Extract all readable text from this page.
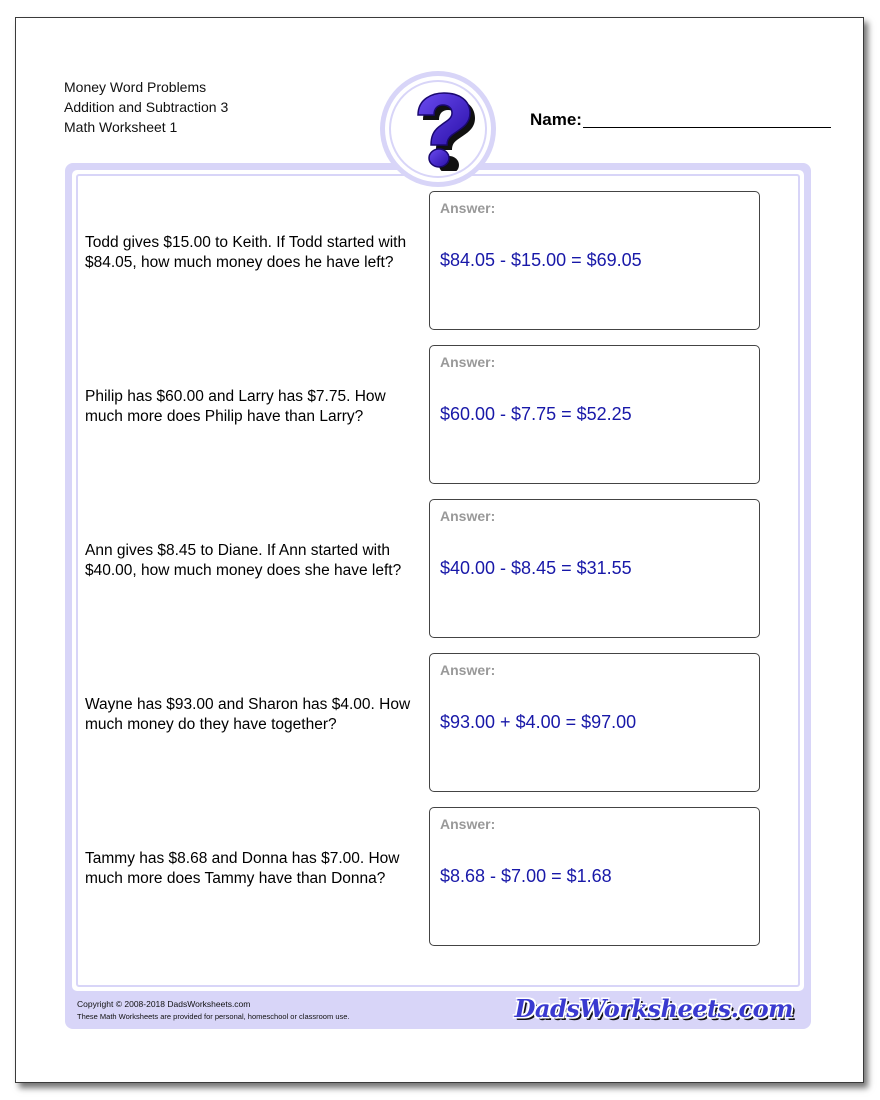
Money Word Problems
Addition and Subtraction 3
Math Worksheet 1	Name:
Todd gives $15.00 to Keith. If Todd started with $84.05, how much money does he have left?
Answer:
$84.05 - $15.00 = $69.05
Philip has $60.00 and Larry has $7.75. How much more does Philip have than Larry?
Answer:
$60.00 - $7.75 = $52.25
Ann gives $8.45 to Diane. If Ann started with $40.00, how much money does she have left?
Answer:
$40.00 - $8.45 = $31.55
Wayne has $93.00 and Sharon has $4.00. How much money do they have together?
Answer:
$93.00 + $4.00 = $97.00
Tammy has $8.68 and Donna has $7.00. How much more does Tammy have than Donna?
Answer:
$8.68 - $7.00 = $1.68
Copyright © 2008-2018 DadsWorksheets.com
These Math Worksheets are provided for personal, homeschool or classroom use.	DadsWorksheets.com
